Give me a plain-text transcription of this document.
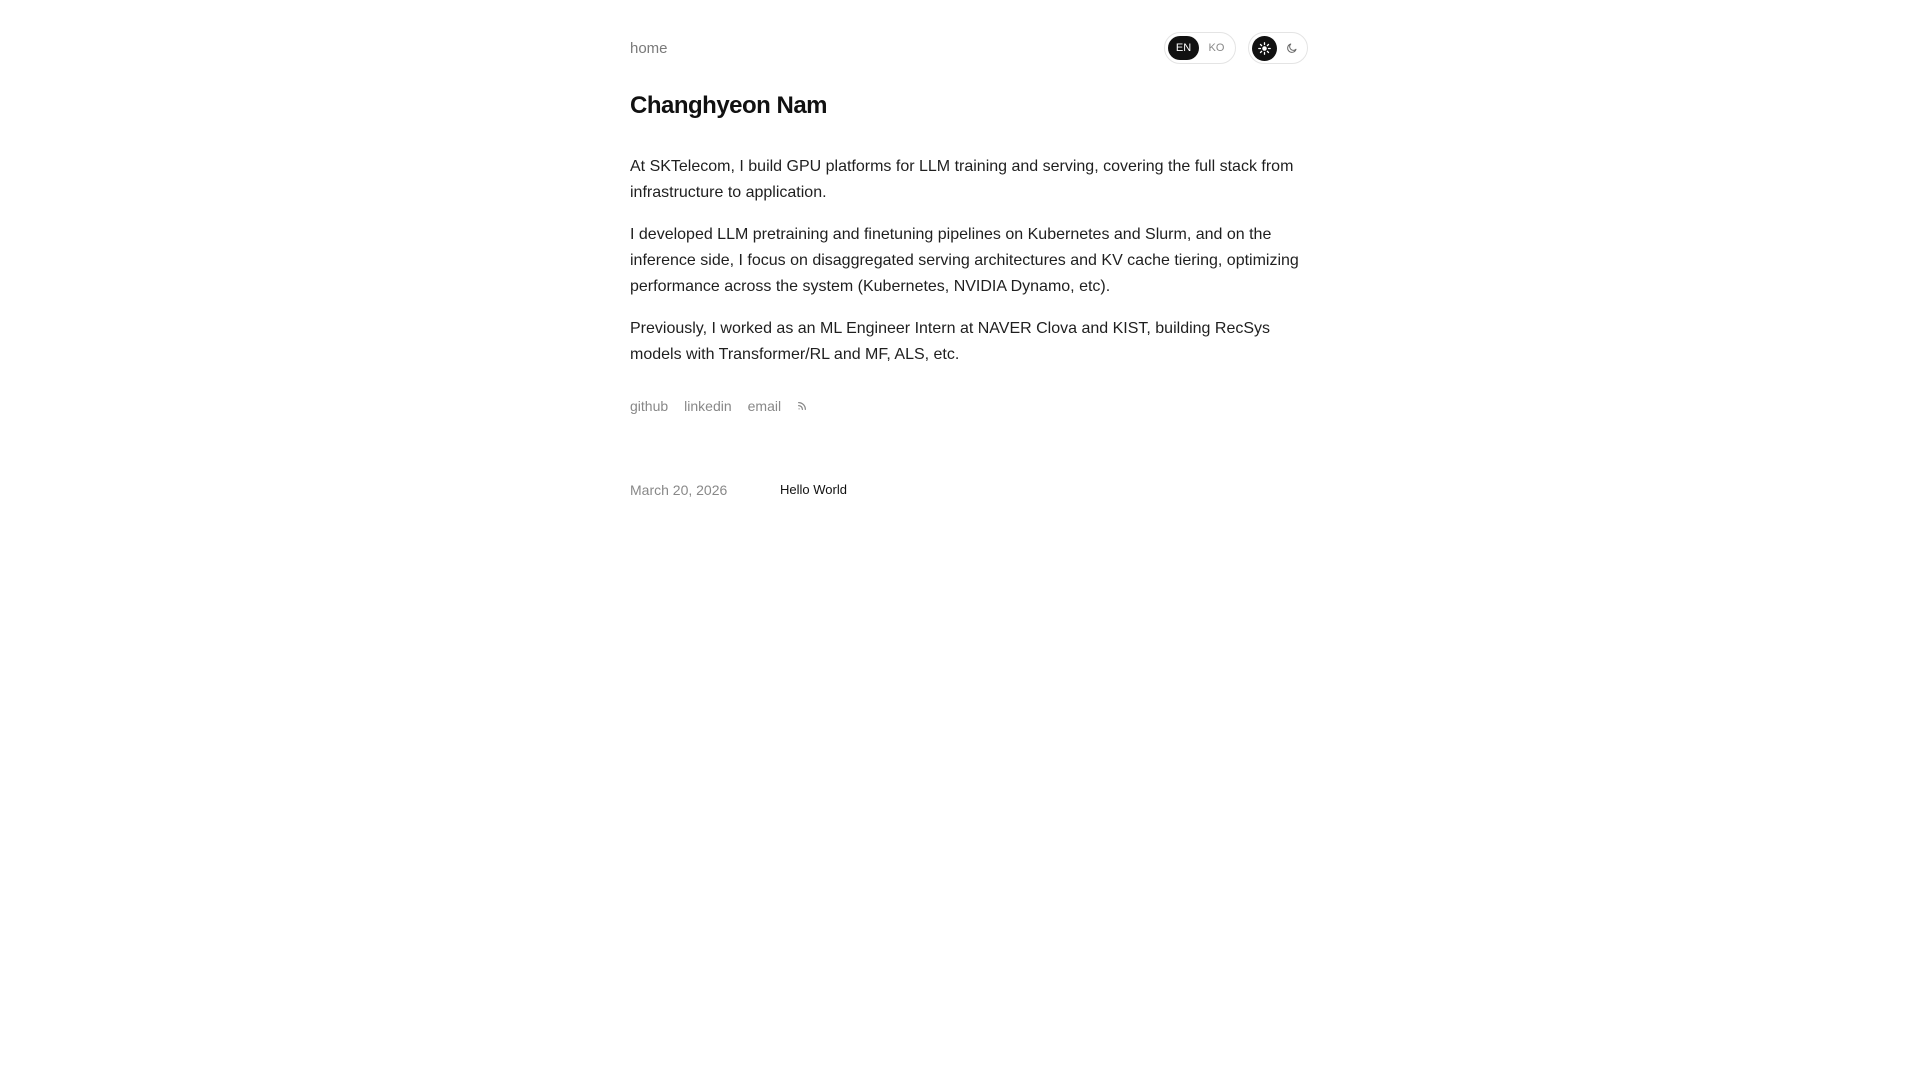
home	EN	KO
Changhyeon Nam

At SKTelecom, I build GPU platforms for LLM training and serving, covering the full stack from infrastructure to application.

I developed LLM pretraining and finetuning pipelines on Kubernetes and Slurm, and on the inference side, I focus on disaggregated serving architectures and KV cache tiering, optimizing performance across the system (Kubernetes, NVIDIA Dynamo, etc).

Previously, I worked as an ML Engineer Intern at NAVER Clova and KIST, building RecSys models with Transformer/RL and MF, ALS, etc.

github linkedin email
March 20, 2026	Hello World
